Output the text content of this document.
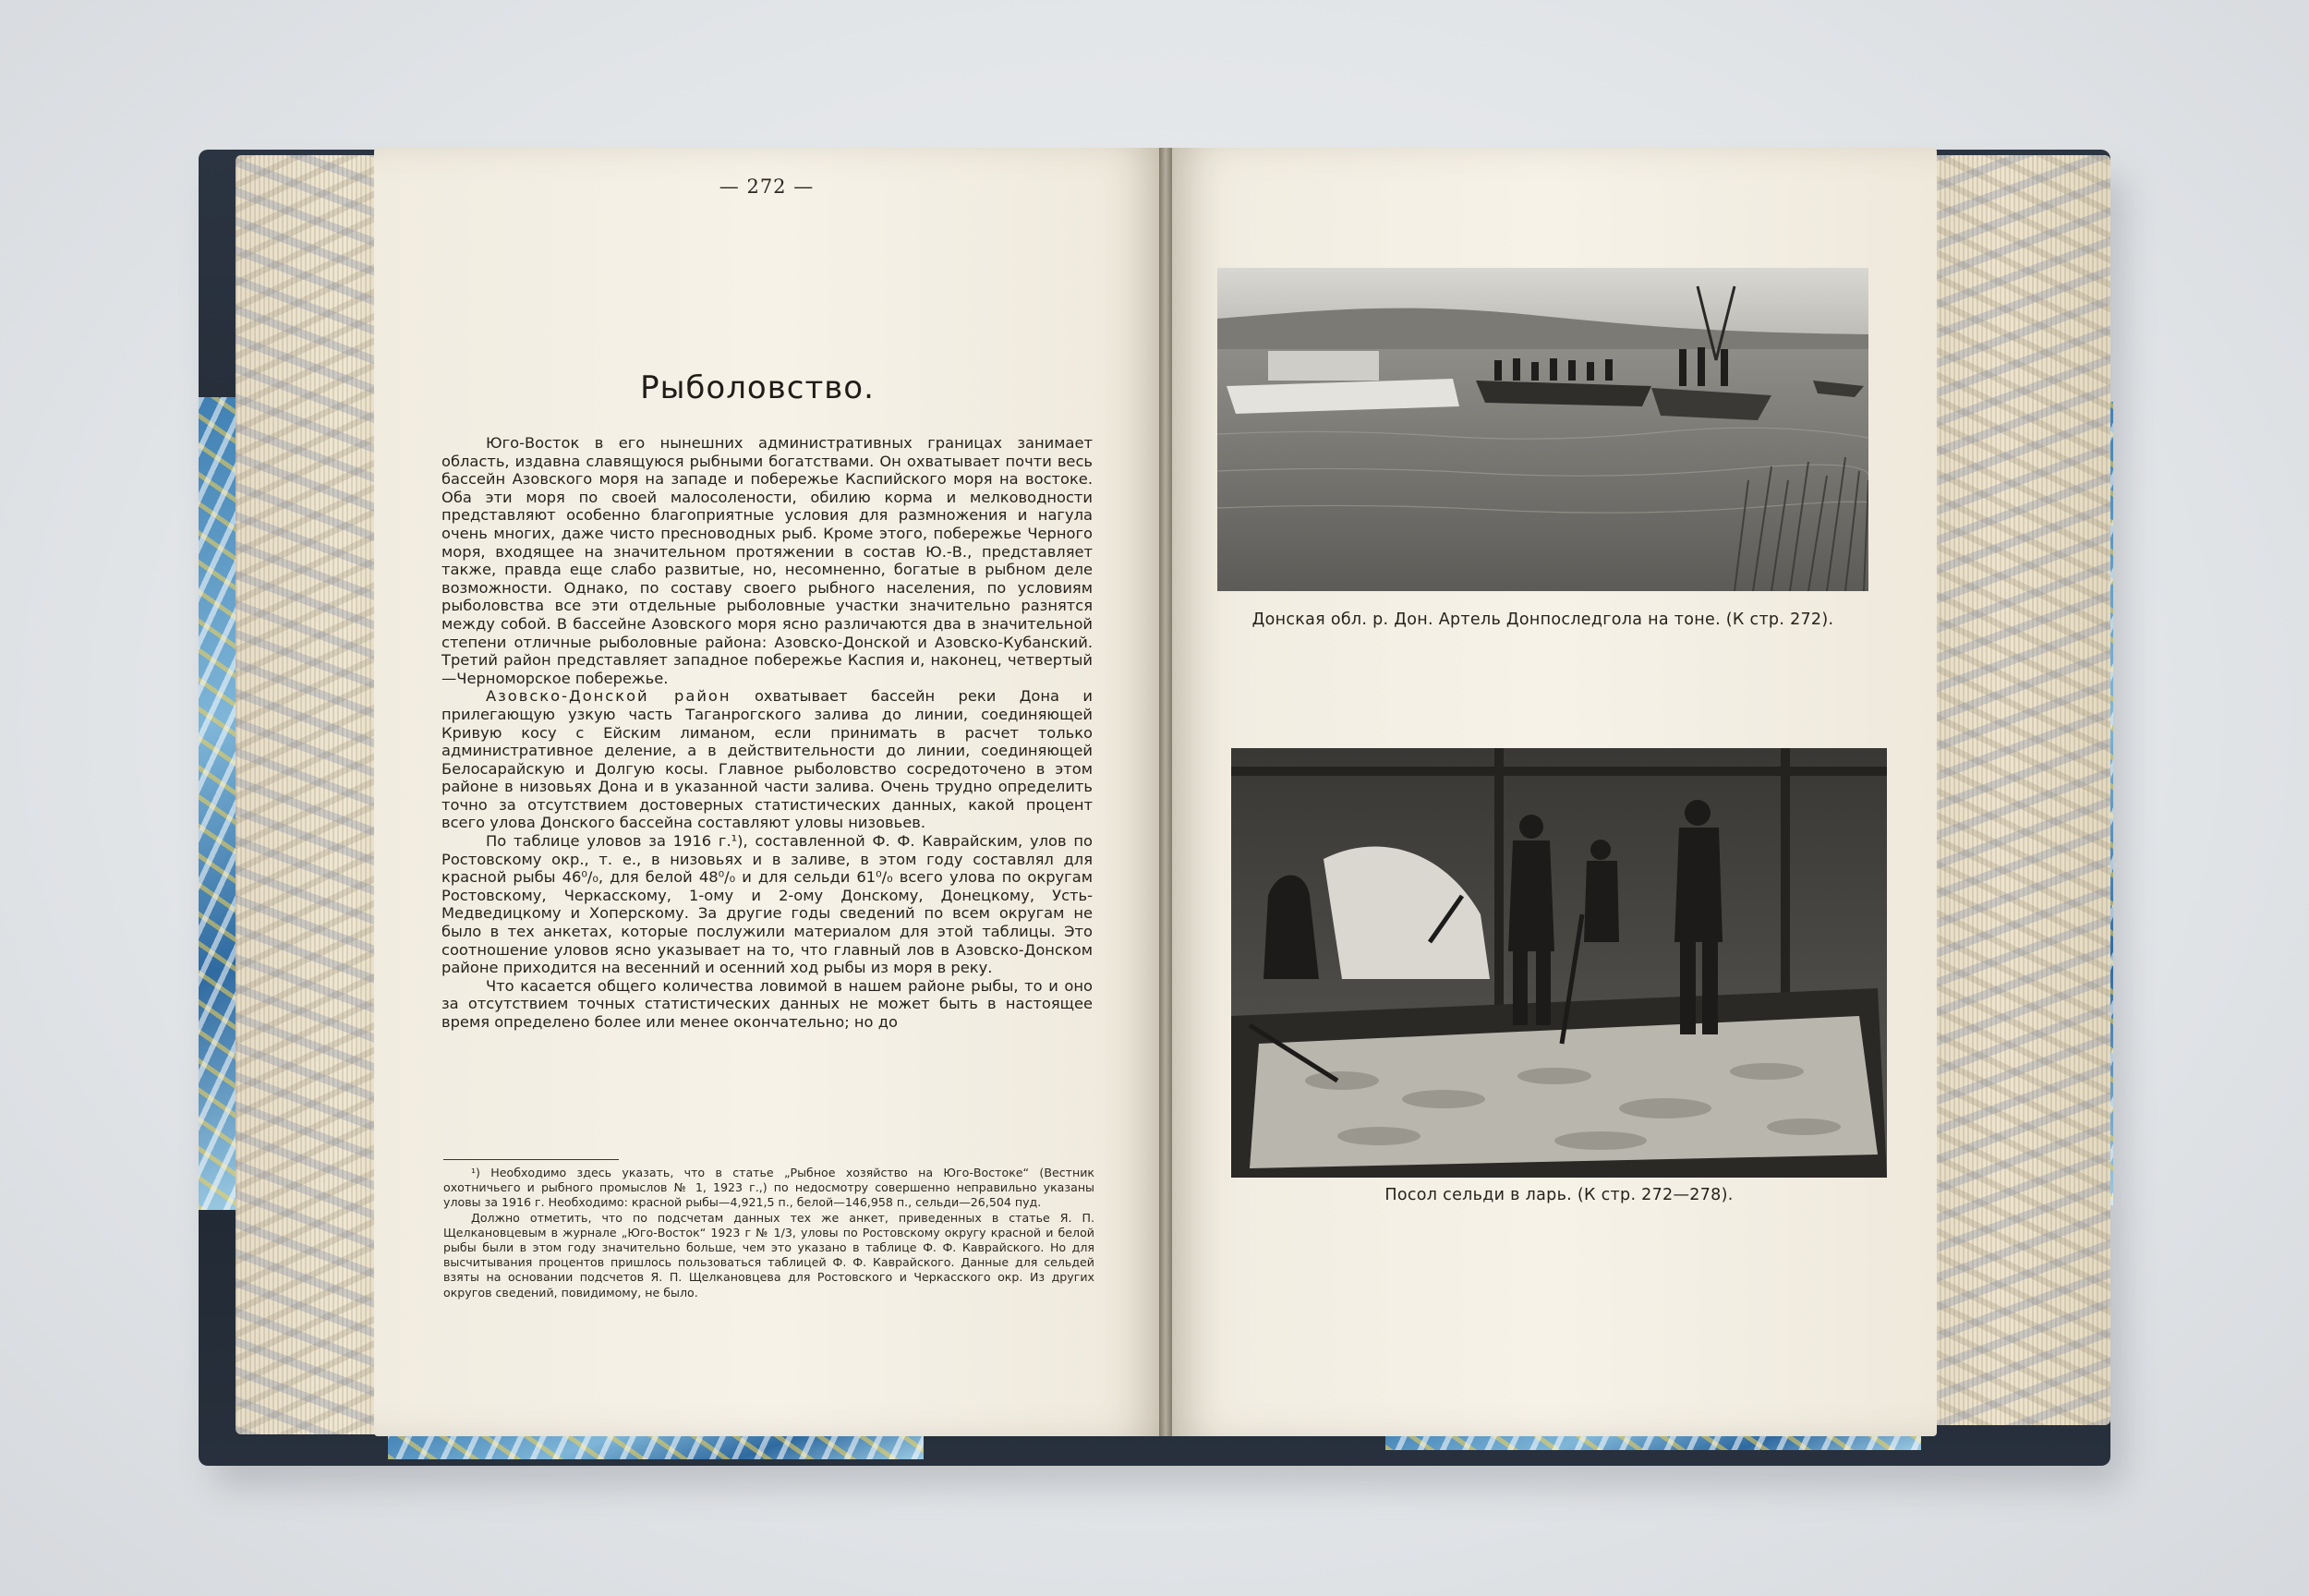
— 272 —
Рыболовство.

Юго-Восток в его нынешних административных границах занимает область, издавна славящуюся рыбными богатствами. Он охватывает почти весь бассейн Азовского моря на западе и побережье Каспийского моря на востоке. Оба эти моря по своей малосолености, обилию корма и мелководности представляют особенно благоприятные условия для размножения и нагула очень многих, даже чисто пресноводных рыб. Кроме этого, побережье Черного моря, входящее на значительном протяжении в состав Ю.-В., представляет также, правда еще слабо развитые, но, несомненно, богатые в рыбном деле возможности. Однако, по составу своего рыбного населения, по условиям рыболовства все эти отдельные рыболовные участки значительно разнятся между собой. В бассейне Азовского моря ясно различаются два в значительной степени отличные рыболовные района: Азовско-Донской и Азовско-Кубанский. Третий район представляет западное побережье Каспия и, наконец, четвертый—Черноморское побережье.

Азовско-Донской район охватывает бассейн реки Дона и прилегающую узкую часть Таганрогского залива до линии, соединяющей Кривую косу с Ейским лиманом, если принимать в расчет только административное деление, а в действительности до линии, соединяющей Белосарайскую и Долгую косы. Главное рыболовство сосредоточено в этом районе в низовьях Дона и в указанной части залива. Очень трудно определить точно за отсутствием достоверных статистических данных, какой процент всего улова Донского бассейна составляют уловы низовьев.

По таблице уловов за 1916 г.¹), составленной Ф. Ф. Каврайским, улов по Ростовскому окр., т. е., в низовьях и в заливе, в этом году составлял для красной рыбы 46⁰/₀, для белой 48⁰/₀ и для сельди 61⁰/₀ всего улова по округам Ростовскому, Черкасскому, 1-ому и 2-ому Донскому, Донецкому, Усть-Медведицкому и Хоперскому. За другие годы сведений по всем округам не было в тех анкетах, которые послужили материалом для этой таблицы. Это соотношение уловов ясно указывает на то, что главный лов в Азовско-Донском районе приходится на весенний и осенний ход рыбы из моря в реку.

Что касается общего количества ловимой в нашем районе рыбы, то и оно за отсутствием точных статистических данных не может быть в настоящее время определено более или менее окончательно; но до

¹) Необходимо здесь указать, что в статье „Рыбное хозяйство на Юго-Востоке“ (Вестник охотничьего и рыбного промыслов № 1, 1923 г.,) по недосмотру совершенно неправильно указаны уловы за 1916 г. Необходимо: красной рыбы—4,921,5 п., белой—146,958 п., сельди—26,504 пуд.

Должно отметить, что по подсчетам данных тех же анкет, приведенных в статье Я. П. Щелкановцевым в журнале „Юго-Восток“ 1923 г № 1/3, уловы по Ростовскому округу красной и белой рыбы были в этом году значительно больше, чем это указано в таблице Ф. Ф. Каврайского. Но для высчитывания процентов пришлось пользоваться таблицей Ф. Ф. Каврайского. Данные для сельдей взяты на основании подсчетов Я. П. Щелкановцева для Ростовского и Черкасского окр. Из других округов сведений, повидимому, не было.

Донская обл. р. Дон. Артель Донпоследгола на тоне. (К стр. 272).
Посол сельди в ларь. (К стр. 272—278).
